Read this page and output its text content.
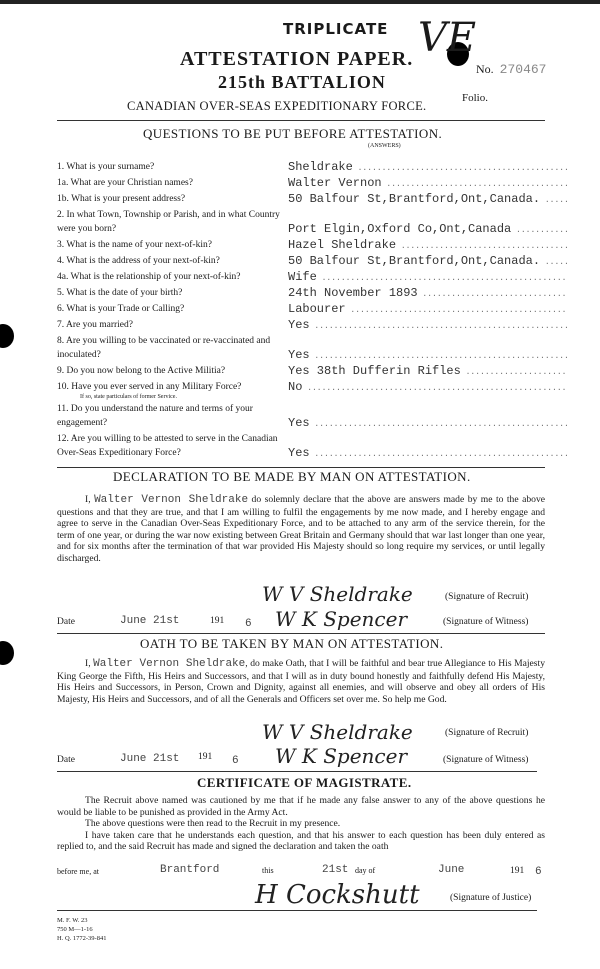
TRIPLICATE VE
No. 270467
Folio.
ATTESTATION PAPER.
215th BATTALION
CANADIAN OVER-SEAS EXPEDITIONARY FORCE.
QUESTIONS TO BE PUT BEFORE ATTESTATION.
(ANSWERS)
1. What is your surname?	Sheldrake .....
1a. What are your Christian names?	Walter Vernon .....
1b. What is your present address?	50 Balfour St,Brantford,Ont,Canada. .....
2. In what Town, Township or Parish, and in what Country were you born?	Port Elgin,Oxford Co,Ont,Canada .....
3. What is the name of your next-of-kin?	Hazel Sheldrake .....
4. What is the address of your next-of-kin?	50 Balfour St,Brantford,Ont,Canada. .....
4a. What is the relationship of your next-of-kin?	Wife .....
5. What is the date of your birth?	24th November 1893 .....
6. What is your Trade or Calling?	Labourer .....
7. Are you married?	Yes .....
8. Are you willing to be vaccinated or re-vaccinated and inoculated?	Yes .....
9. Do you now belong to the Active Militia?	Yes 38th Dufferin Rifles .....
10. Have you ever served in any Military Force?
If so, state particulars of former Service.
No .....
11. Do you understand the nature and terms of your engagement?	Yes .....
12. Are you willing to be attested to serve in the Canadian Over-Seas Expeditionary Force?	Yes .....
DECLARATION TO BE MADE BY MAN ON ATTESTATION.
I, Walter Vernon Sheldrake do solemnly declare that the above are answers made by me to the above questions and that they are true, and that I am willing to fulfil the engagements by me now made, and I hereby engage and agree to serve in the Canadian Over-Seas Expeditionary Force, and to be attached to any arm of the service therein, for the term of one year, or during the war now existing between Great Britain and Germany should that war last longer than one year, and for six months after the termination of that war provided His Majesty should so long require my services, or until legally discharged.
W V Sheldrake	(Signature of Recruit)
Date	June 21st	191 6 W K Spencer	(Signature of Witness)
OATH TO BE TAKEN BY MAN ON ATTESTATION.
I, Walter Vernon Sheldrake, do make Oath, that I will be faithful and bear true Allegiance to His Majesty King George the Fifth, His Heirs and Successors, and that I will as in duty bound honestly and faithfully defend His Majesty, His Heirs and Successors, in Person, Crown and Dignity, against all enemies, and will observe and obey all orders of His Majesty, His Heirs and Successors, and of all the Generals and Officers set over me. So help me God.
W V Sheldrake	(Signature of Recruit)
Date	June 21st 191 6 W K Spencer	(Signature of Witness)
CERTIFICATE OF MAGISTRATE.
The Recruit above named was cautioned by me that if he made any false answer to any of the above questions he would be liable to be punished as provided in the Army Act.
The above questions were then read to the Recruit in my presence.
I have taken care that he understands each question, and that his answer to each question has been duly entered as replied to, and the said Recruit has made and signed the declaration and taken the oath
before me, at	Brantford	this	21st day of	June	191 6
H Cockshutt	(Signature of Justice)
M. F. W. 23
750 M—1-16
H. Q. 1772-39-841
